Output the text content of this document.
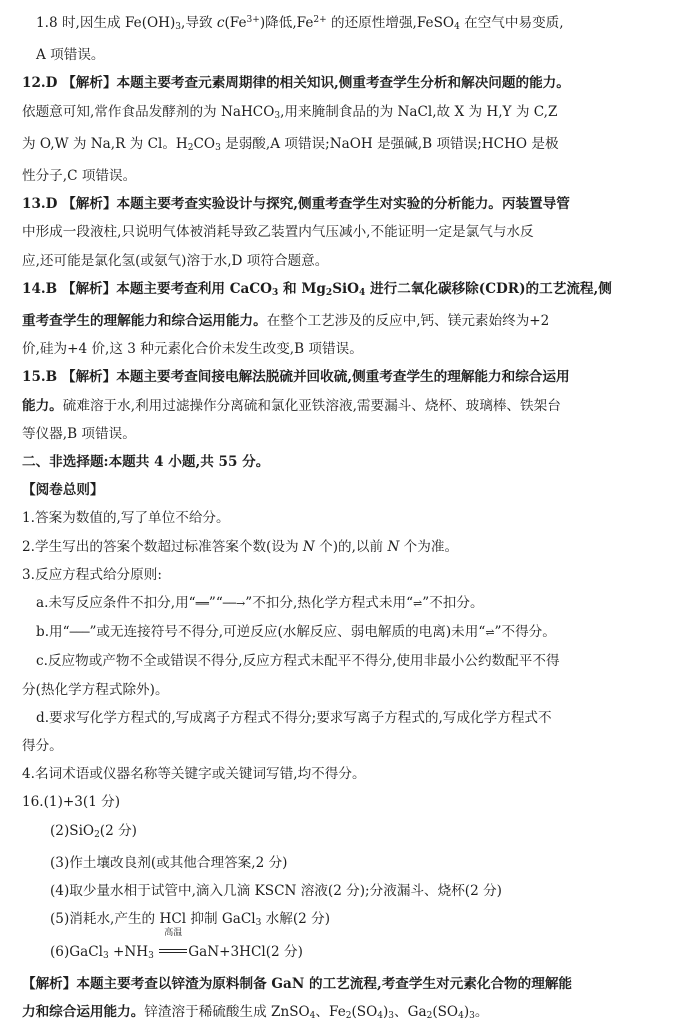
1.8 时,因生成 $Fe(OH)_3$,导致 $c(Fe^{3+})$降低$,Fe^{2+}$ 的还原性增强,FeSO$_4$ 在空气中易变质,
A 项错误。
12.D 【解析】本题主要考查元素周期律的相关知识,侧重考查学生分析和解决问题的能力。
依题意可知,常作食品发酵剂的为 NaHCO$_3$,用来腌制食品的为 NaCl,故 X 为 H,Y 为 C,Z
为 O,W 为 Na,R 为 Cl。$H_2CO_3$ 是弱酸,A 项错误;NaOH 是强碱,B 项错误;HCHO 是极
性分子,C 项错误。
13.D 【解析】本题主要考查实验设计与探究,侧重考查学生对实验的分析能力。丙装置导管
中形成一段液柱,只说明气体被消耗导致乙装置内气压减小,不能证明一定是氯气与水反
应,还可能是氯化氢(或氨气)溶于水,D 项符合题意。
14.B 【解析】本题主要考查利用 CaCO$_3$ 和 $Mg_2SiO_4$ 进行二氧化碳移除(CDR)的工艺流程,侧
重考查学生的理解能力和综合运用能力。在整个工艺涉及的反应中,钙、镁元素始终为+2
价,硅为+4 价,这 3 种元素化合价未发生改变,B 项错误。
15.B 【解析】本题主要考查间接电解法脱硫并回收硫,侧重考查学生的理解能力和综合运用
能力。硫难溶于水,利用过滤操作分离硫和氯化亚铁溶液,需要漏斗、烧杯、玻璃棒、铁架台
等仪器,B 项错误。
二、非选择题:本题共 4 小题,共 55 分。
【阅卷总则】
1.答案为数值的,写了单位不给分。
2.学生写出的答案个数超过标准答案个数(设为 N 个)的,以前 N 个为准。
3.反应方程式给分原则:
a.未写反应条件不扣分,用“══”“──→”不扣分,热化学方程式未用“⇌”不扣分。
b.用“───”或无连接符号不得分,可逆反应(水解反应、弱电解质的电离)未用“⇌”不得分。
c.反应物或产物不全或错误不得分,反应方程式未配平不得分,使用非最小公约数配平不得
分(热化学方程式除外)。
d.要求写化学方程式的,写成离子方程式不得分;要求写离子方程式的,写成化学方程式不
得分。
4.名词术语或仪器名称等关键字或关键词写错,均不得分。
16.(1)+3(1 分)
(2)SiO$_2$(2 分)
(3)作土壤改良剂(或其他合理答案,2 分)
(4)取少量水相于试管中,滴入几滴 KSCN 溶液(2 分);分液漏斗、烧杯(2 分)
(5)消耗水,产生的 HCl 抑制 GaCl$_3$ 水解(2 分)
(6)GaCl$_3$ $+NH_3$
高温
GaN+3HCl(2 分)
【解析】本题主要考查以锌渣为原料制备 GaN 的工艺流程,考查学生对元素化合物的理解能
力和综合运用能力。锌渣溶于稀硫酸生成 ZnSO$_4$、$Fe_2(SO_4)_3$、$Ga_2(SO_4)_3$。
